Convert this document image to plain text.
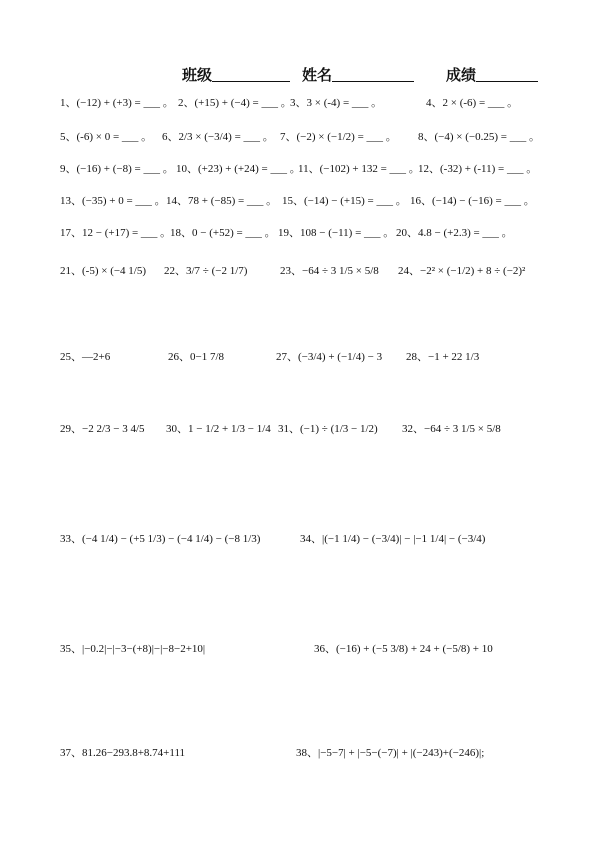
班级	姓名	成绩
1、(−12) + (+3) = ___ 。 2、(+15) + (−4) = ___ 。
3、3 × (-4) = ___ 。	4、2 × (-6) = ___ 。
5、(-6) × 0 = ___ 。 6、2/3 × (−3/4) = ___ 。 7、(−2) × (−1/2) = ___ 。 8、(−4) × (−0.25) = ___ 。
9、(−16) + (−8) = ___ 。 10、(+23) + (+24) = ___ 。
11、(−102) + 132 = ___ 。
12、(-32) + (-11) = ___ 。
13、(−35) + 0 = ___ 。 14、78 + (−85) = ___ 。 15、(−14) − (+15) = ___ 。 16、(−14) − (−16) = ___ 。
17、12 − (+17) = ___ 。
18、0 − (+52) = ___ 。 19、108 − (−11) = ___ 。 20、4.8 − (+2.3) = ___ 。
21、(-5) × (−4 1/5) 22、3/7 ÷ (−2 1/7)	23、−64 ÷ 3 1/5 × 5/8 24、−2² × (−1/2) + 8 ÷ (−2)²
25、—2+6	26、0−1 7/8	27、(−3/4) + (−1/4) − 3 28、−1 + 22 1/3
29、−2 2/3 − 3 4/5 30、1 − 1/2 + 1/3 − 1/4 31、(−1) ÷ (1/3 − 1/2) 32、−64 ÷ 3 1/5 × 5/8
33、(−4 1/4) − (+5 1/3) − (−4 1/4) − (−8 1/3)	34、|(−1 1/4) − (−3/4)| − |−1 1/4| − (−3/4)
35、|−0.2|−|−3−(+8)|−|−8−2+10|	36、(−16) + (−5 3/8) + 24 + (−5/8) + 10
37、81.26−293.8+8.74+111	38、|−5−7| + |−5−(−7)| + |(−243)+(−246)|;
